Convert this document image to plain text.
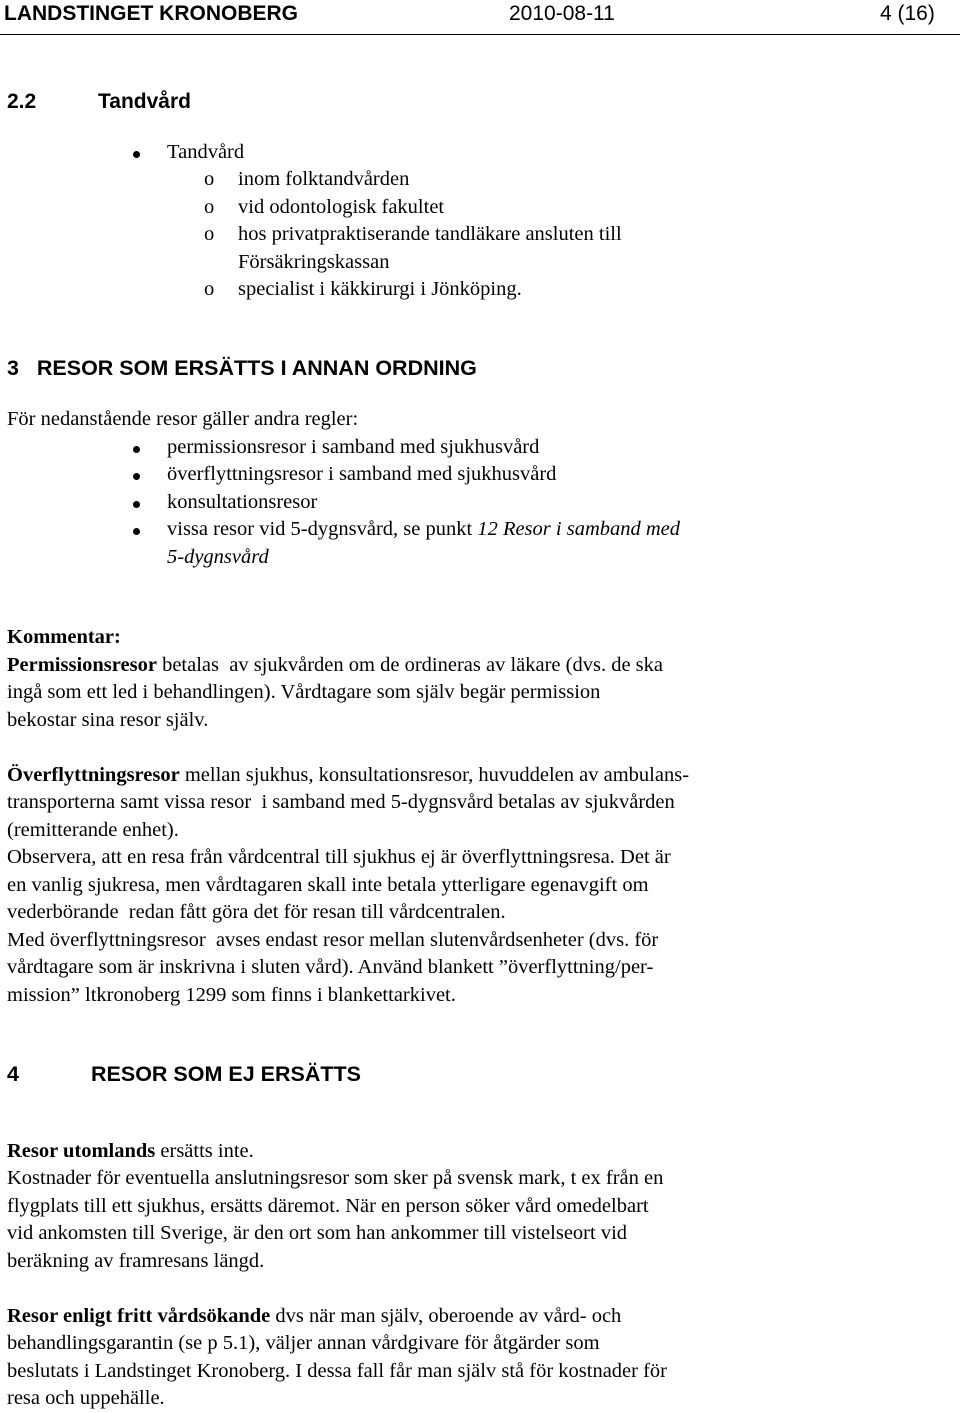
LANDSTINGET KRONOBERG	2010-08-11	4 (16)
2.2	Tandvård
Tandvård
o inom folktandvården
o vid odontologisk fakultet
o hos privatpraktiserande tandläkare ansluten till
Försäkringskassan
o specialist i käkkirurgi i Jönköping.
3   RESOR SOM ERSÄTTS I ANNAN ORDNING
För nedanstående resor gäller andra regler:
permissionsresor i samband med sjukhusvård
överflyttningsresor i samband med sjukhusvård
konsultationsresor
vissa resor vid 5-dygnsvård, se punkt 12 Resor i samband med
5-dygnsvård
Kommentar:
Permissionsresor betalas  av sjukvården om de ordineras av läkare (dvs. de ska
ingå som ett led i behandlingen). Vårdtagare som själv begär permission
bekostar sina resor själv.
Överflyttningsresor mellan sjukhus, konsultationsresor, huvuddelen av ambulans-
transporterna samt vissa resor  i samband med 5-dygnsvård betalas av sjukvården
(remitterande enhet).
Observera, att en resa från vårdcentral till sjukhus ej är överflyttningsresa. Det är
en vanlig sjukresa, men vårdtagaren skall inte betala ytterligare egenavgift om
vederbörande  redan fått göra det för resan till vårdcentralen.
Med överflyttningsresor  avses endast resor mellan slutenvårdsenheter (dvs. för
vårdtagare som är inskrivna i sluten vård). Använd blankett ”överflyttning/per-
mission” ltkronoberg 1299 som finns i blankettarkivet.
4	RESOR SOM EJ ERSÄTTS
Resor utomlands ersätts inte.
Kostnader för eventuella anslutningsresor som sker på svensk mark, t ex från en
flygplats till ett sjukhus, ersätts däremot. När en person söker vård omedelbart
vid ankomsten till Sverige, är den ort som han ankommer till vistelseort vid
beräkning av framresans längd.
Resor enligt fritt vårdsökande dvs när man själv, oberoende av vård- och
behandlingsgarantin (se p 5.1), väljer annan vårdgivare för åtgärder som
beslutats i Landstinget Kronoberg. I dessa fall får man själv stå för kostnader för
resa och uppehälle.
